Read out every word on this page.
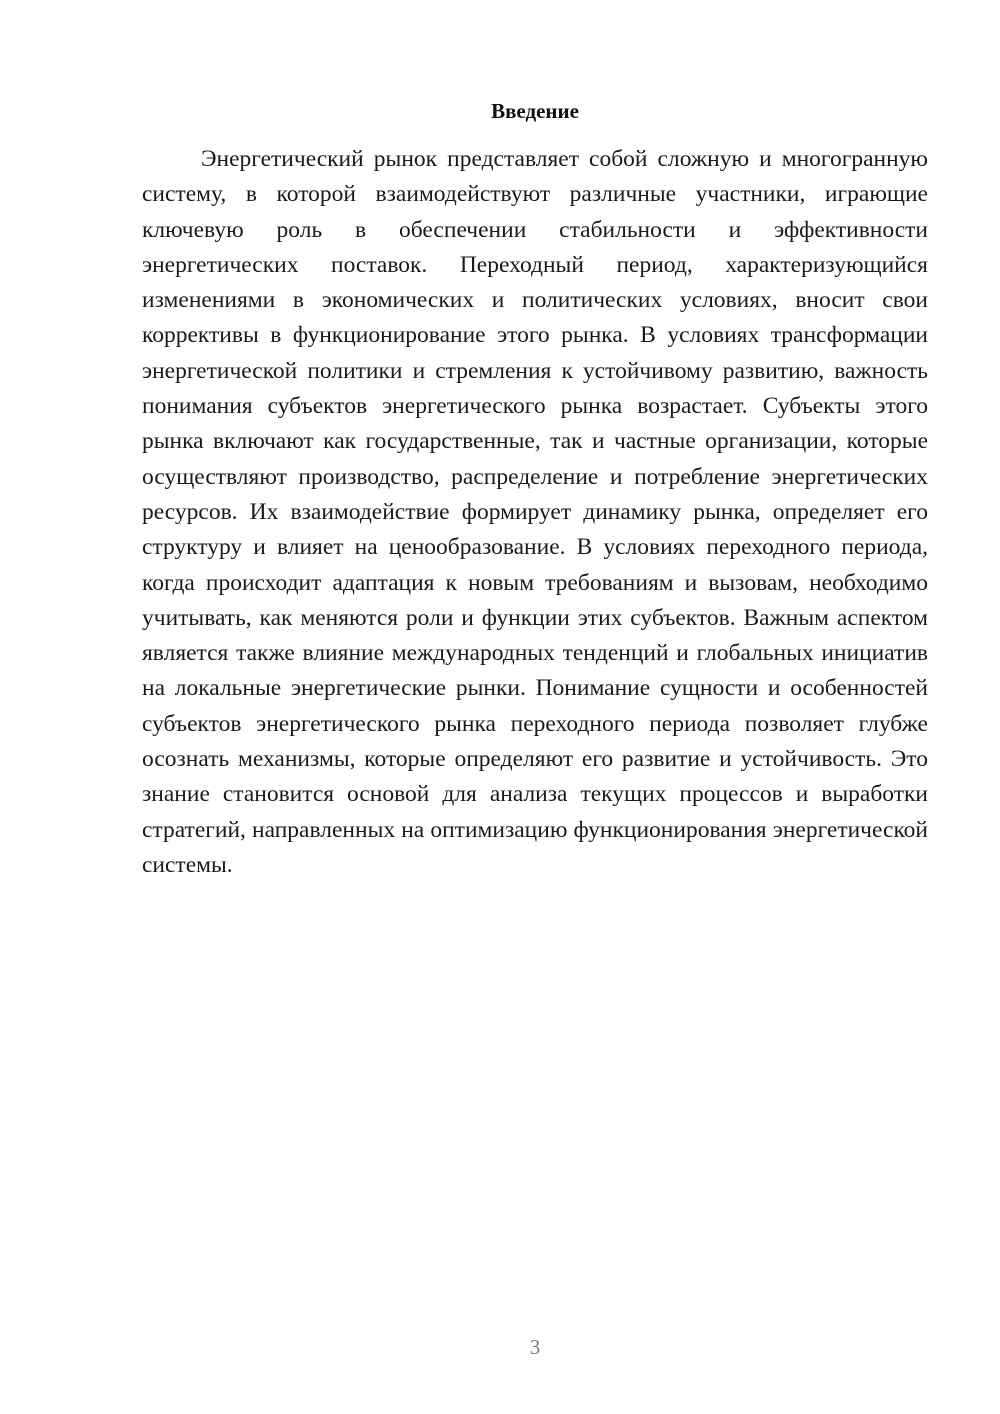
Введение

Энергетический рынок представляет собой сложную и многогранную систему, в которой взаимодействуют различные участники, играющие ключевую роль в обеспечении стабильности и эффективности энергетических поставок. Переходный период, характеризующийся изменениями в экономических и политических условиях, вносит свои коррективы в функционирование этого рынка. В условиях трансформации энергетической политики и стремления к устойчивому развитию, важность понимания субъектов энергетического рынка возрастает. Субъекты этого рынка включают как государственные, так и частные организации, которые осуществляют производство, распределение и потребление энергетических ресурсов. Их взаимодействие формирует динамику рынка, определяет его структуру и влияет на ценообразование. В условиях переходного периода, когда происходит адаптация к новым требованиям и вызовам, необходимо учитывать, как меняются роли и функции этих субъектов. Важным аспектом является также влияние международных тенденций и глобальных инициатив на локальные энергетические рынки. Понимание сущности и особенностей субъектов энергетического рынка переходного периода позволяет глубже осознать механизмы, которые определяют его развитие и устойчивость. Это знание становится основой для анализа текущих процессов и выработки стратегий, направленных на оптимизацию функционирования энергетической системы.

3
